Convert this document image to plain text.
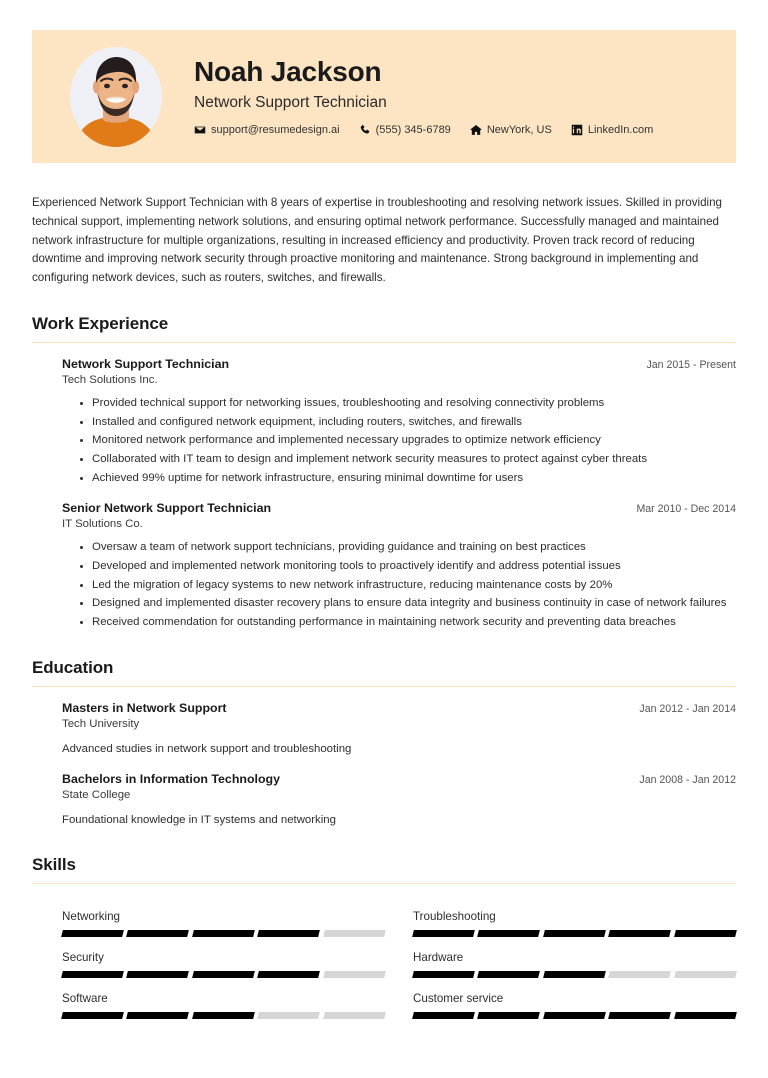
Noah Jackson
Network Support Technician
support@resumedesign.ai	(555) 345-6789	NewYork, US	LinkedIn.com

Experienced Network Support Technician with 8 years of expertise in troubleshooting and resolving network issues. Skilled in providing technical support, implementing network solutions, and ensuring optimal network performance. Successfully managed and maintained network infrastructure for multiple organizations, resulting in increased efficiency and productivity. Proven track record of reducing downtime and improving network security through proactive monitoring and maintenance. Strong background in implementing and configuring network devices, such as routers, switches, and firewalls.

Work Experience
Network Support Technician	Jan 2015 - Present
Tech Solutions Inc.
Provided technical support for networking issues, troubleshooting and resolving connectivity problems
Installed and configured network equipment, including routers, switches, and firewalls
Monitored network performance and implemented necessary upgrades to optimize network efficiency
Collaborated with IT team to design and implement network security measures to protect against cyber threats
Achieved 99% uptime for network infrastructure, ensuring minimal downtime for users
Senior Network Support Technician	Mar 2010 - Dec 2014
IT Solutions Co.
Oversaw a team of network support technicians, providing guidance and training on best practices
Developed and implemented network monitoring tools to proactively identify and address potential issues
Led the migration of legacy systems to new network infrastructure, reducing maintenance costs by 20%
Designed and implemented disaster recovery plans to ensure data integrity and business continuity in case of network failures
Received commendation for outstanding performance in maintaining network security and preventing data breaches
Education
Masters in Network Support	Jan 2012 - Jan 2014
Tech University
Advanced studies in network support and troubleshooting
Bachelors in Information Technology	Jan 2008 - Jan 2012
State College
Foundational knowledge in IT systems and networking
Skills
Networking	Troubleshooting
Security	Hardware
Software	Customer service
